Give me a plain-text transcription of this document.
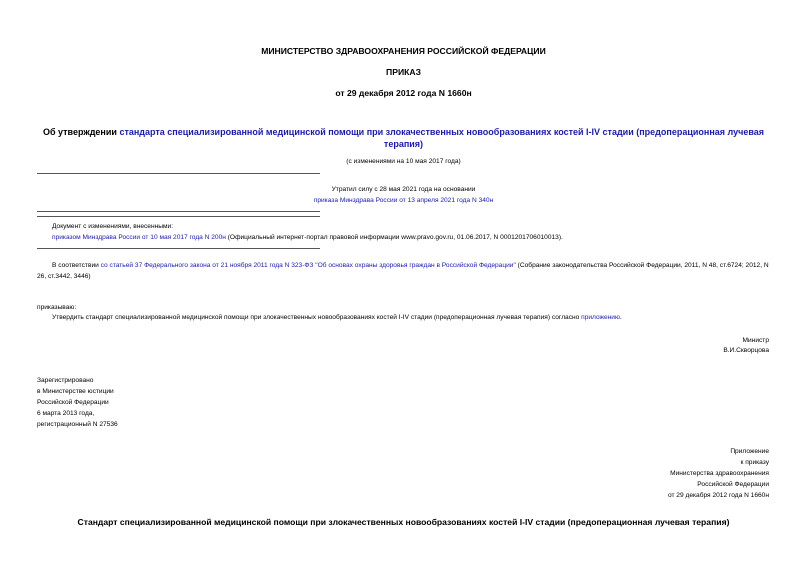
МИНИСТЕРСТВО ЗДРАВООХРАНЕНИЯ РОССИЙСКОЙ ФЕДЕРАЦИИ
ПРИКАЗ
от 29 декабря 2012 года N 1660н
Об утверждении стандарта специализированной медицинской помощи при злокачественных новообразованиях костей I-IV стадии (предоперационная лучевая терапия)
(с изменениями на 10 мая 2017 года)
Утратил силу с 28 мая 2021 года на основании
приказа Минздрава России от 13 апреля 2021 года N 340н
Документ с изменениями, внесенными:
приказом Минздрава России от 10 мая 2017 года N 200н (Официальный интернет-портал правовой информации www.pravo.gov.ru, 01.06.2017, N 0001201706010013).
В соответствии со статьей 37 Федерального закона от 21 ноября 2011 года N 323-ФЗ "Об основах охраны здоровья граждан в Российской Федерации" (Собрание законодательства Российской Федерации, 2011, N 48, ст.6724; 2012, N 26, ст.3442, 3446)
приказываю:
Утвердить стандарт специализированной медицинской помощи при злокачественных новообразованиях костей I-IV стадии (предоперационная лучевая терапия) согласно приложению.
Министр
В.И.Скворцова
Зарегистрировано
в Министерстве юстиции
Российской Федерации
6 марта 2013 года,
регистрационный N 27536
Приложение
к приказу
Министерства здравоохранения
Российской Федерации
от 29 декабря 2012 года N 1660н
Стандарт специализированной медицинской помощи при злокачественных новообразованиях костей I-IV стадии (предоперационная лучевая терапия)
